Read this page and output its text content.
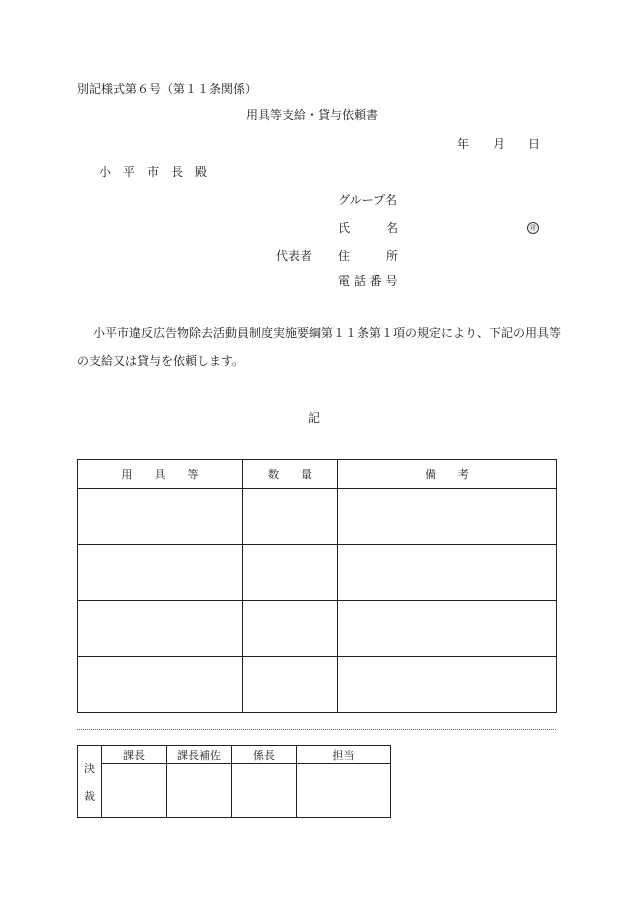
別記様式第６号（第１１条関係）
用具等支給・貸与依頼書
年 月 日
小　平　市　長　殿
グループ名
氏　　　名	㊞
代表者 住　　　所
電 話 番 号
小平市違反広告物除去活動員制度実施要綱第１１条第１項の規定により、下記の用具等
の支給又は貸与を依頼します。
記
用　　具　　等	数　　量	備　　考

決
裁	課長	課長補佐	係長	担当
